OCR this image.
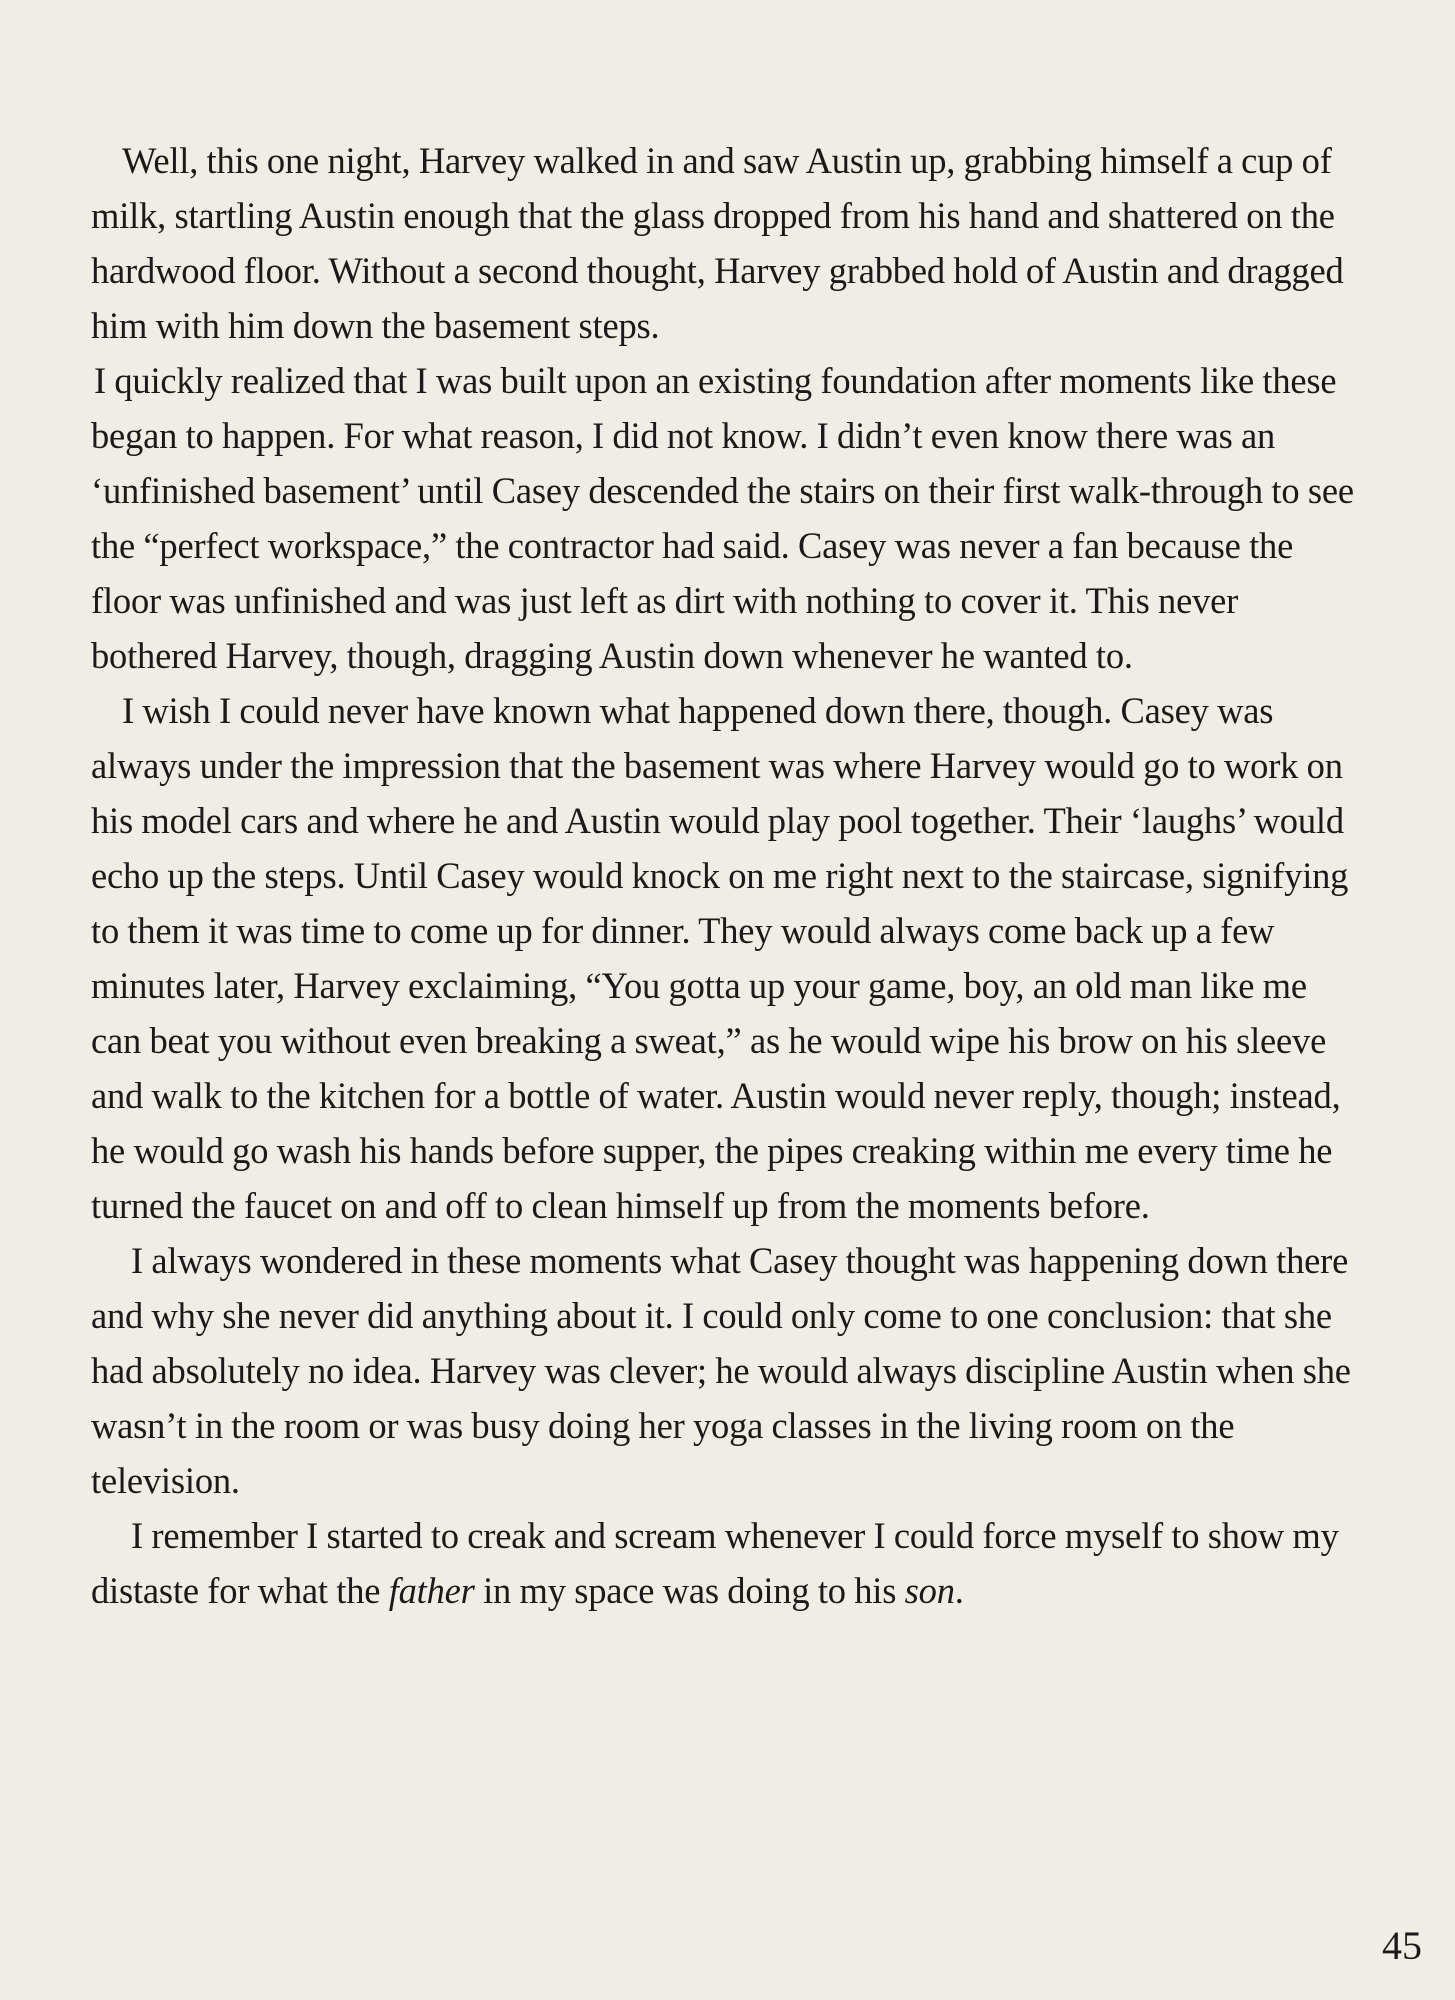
Well, this one night, Harvey walked in and saw Austin up, grabbing himself a cup of milk, startling Austin enough that the glass dropped from his hand and shattered on the hardwood floor. Without a second thought, Harvey grabbed hold of Austin and dragged him with him down the basement steps.

I quickly realized that I was built upon an existing foundation after moments like these began to happen. For what reason, I did not know. I didn’t even know there was an ‘unfinished basement’ until Casey descended the stairs on their first walk-through to see the “perfect workspace,” the contractor had said. Casey was never a fan because the floor was unfinished and was just left as dirt with nothing to cover it. This never bothered Harvey, though, dragging Austin down whenever he wanted to.

I wish I could never have known what happened down there, though. Casey was always under the impression that the basement was where Harvey would go to work on his model cars and where he and Austin would play pool together. Their ‘laughs’ would echo up the steps. Until Casey would knock on me right next to the staircase, signifying to them it was time to come up for dinner. They would always come back up a few minutes later, Harvey exclaiming, “You gotta up your game, boy, an old man like me can beat you without even breaking a sweat,” as he would wipe his brow on his sleeve and walk to the kitchen for a bottle of water. Austin would never reply, though; instead, he would go wash his hands before supper, the pipes creaking within me every time he turned the faucet on and off to clean himself up from the moments before.

I always wondered in these moments what Casey thought was happening down there and why she never did anything about it. I could only come to one conclusion: that she had absolutely no idea. Harvey was clever; he would always discipline Austin when she wasn’t in the room or was busy doing her yoga classes in the living room on the television.

I remember I started to creak and scream whenever I could force myself to show my distaste for what the father in my space was doing to his son.

45
